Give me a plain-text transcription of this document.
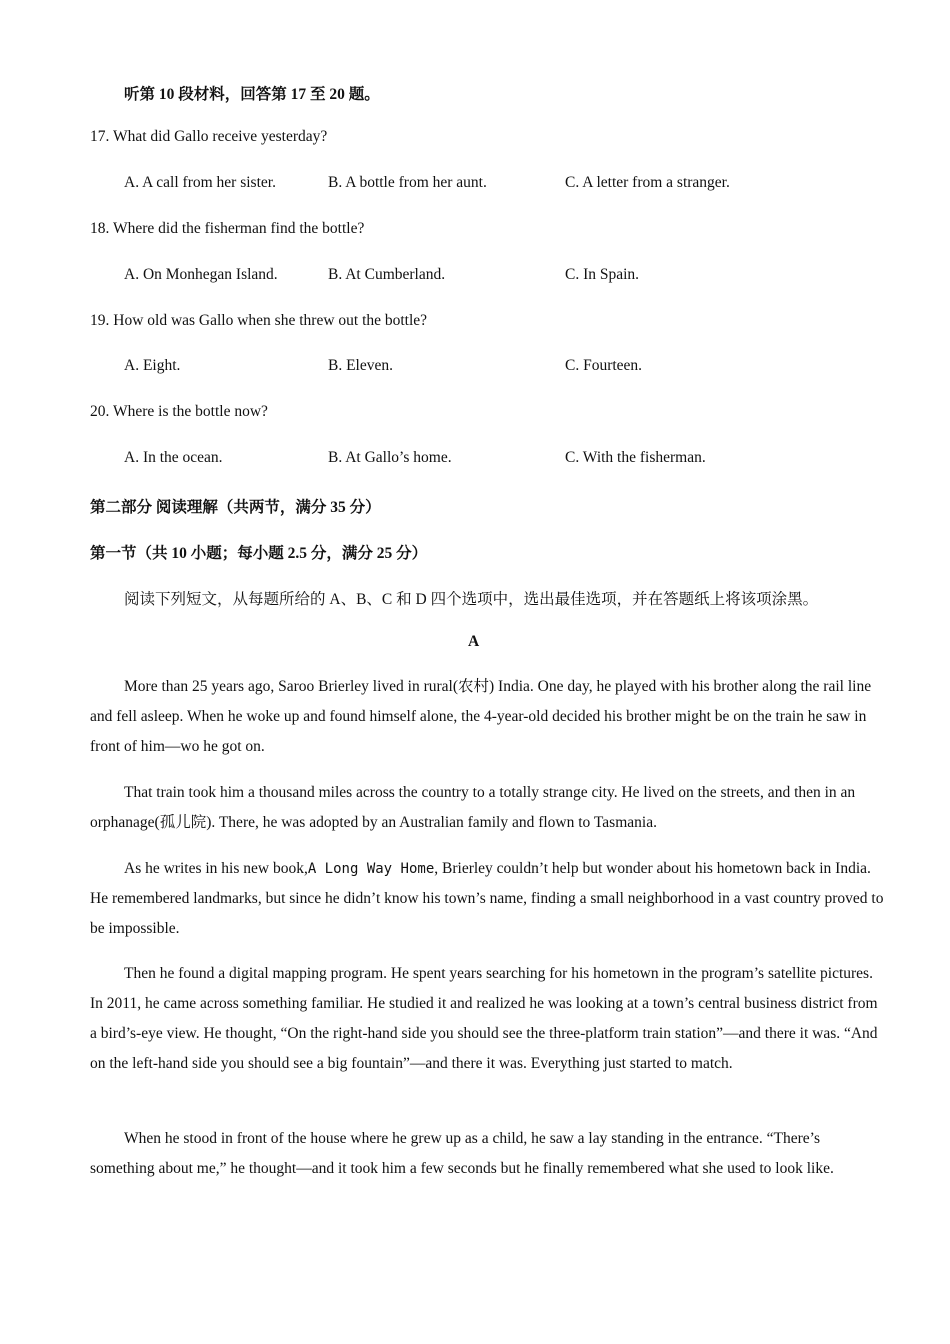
听第 10 段材料，回答第 17 至 20 题。
17. What did Gallo receive yesterday?
A. A call from her sister.	B. A bottle from her aunt.	C. A letter from a stranger.
18. Where did the fisherman find the bottle?
A. On Monhegan Island.	B. At Cumberland.	C. In Spain.
19. How old was Gallo when she threw out the bottle?
A. Eight.	B. Eleven.	C. Fourteen.
20. Where is the bottle now?
A. In the ocean.	B. At Gallo’s home.	C. With the fisherman.
第二部分 阅读理解（共两节，满分 35 分）
第一节（共 10 小题；每小题 2.5 分，满分 25 分）
阅读下列短文，从每题所给的 A、B、C 和 D 四个选项中，选出最佳选项，并在答题纸上将该项涂黑。
A
More than 25 years ago, Saroo Brierley lived in rural(农村) India. One day, he played with his brother along the rail line and fell asleep. When he woke up and found himself alone, the 4-year-old decided his brother might be on the train he saw in front of him—wo he got on.
That train took him a thousand miles across the country to a totally strange city. He lived on the streets, and then in an orphanage(孤儿院). There, he was adopted by an Australian family and flown to Tasmania.
As he writes in his new book,A Long Way Home, Brierley couldn’t help but wonder about his hometown back in India. He remembered landmarks, but since he didn’t know his town’s name, finding a small neighborhood in a vast country proved to be impossible.
Then he found a digital mapping program. He spent years searching for his hometown in the program’s satellite pictures. In 2011, he came across something familiar. He studied it and realized he was looking at a town’s central business district from a bird’s-eye view. He thought, “On the right-hand side you should see the three-platform train station”—and there it was. “And on the left-hand side you should see a big fountain”—and there it was. Everything just started to match.
When he stood in front of the house where he grew up as a child, he saw a lay standing in the entrance. “There’s something about me,” he thought—and it took him a few seconds but he finally remembered what she used to look like.
